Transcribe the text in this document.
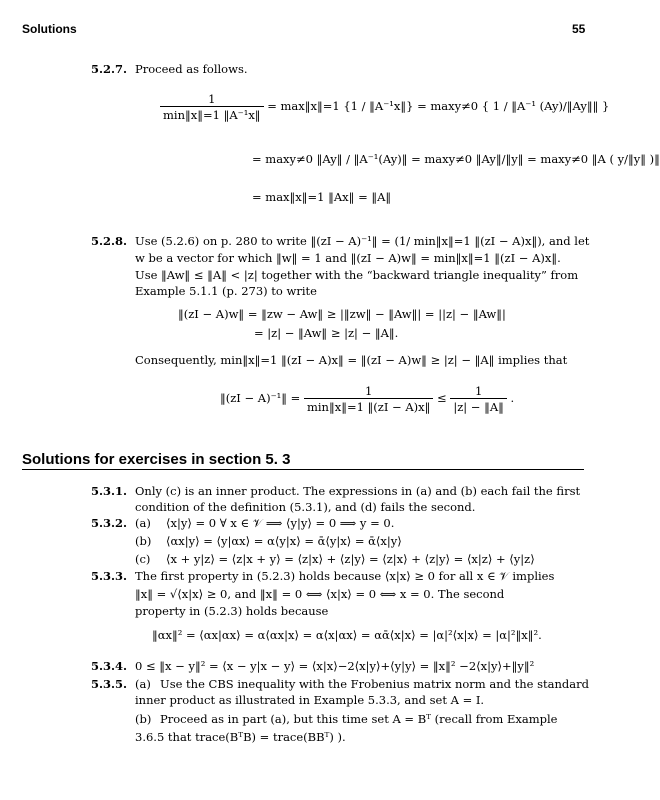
Solutions	55
5.2.7. Proceed as follows.
$\frac{1}{\text{min‖x‖=1 ‖A⁻¹x‖}}$ = max‖x‖=1 {1 / ‖A⁻¹x‖} = maxy≠0 { 1 / ‖A⁻¹ (Ay)/‖Ay‖‖ }
= maxy≠0 ‖Ay‖ / ‖A⁻¹(Ay)‖ = maxy≠0 ‖Ay‖/‖y‖ = maxy≠0 ‖A ( y/‖y‖ )‖
= max‖x‖=1 ‖Ax‖ = ‖A‖
5.2.8. Use (5.2.6) on p. 280 to write ‖(zI − A)⁻¹‖ = (1/ min‖x‖=1 ‖(zI − A)x‖), and let
w be a vector for which ‖w‖ = 1 and ‖(zI − A)w‖ = min‖x‖=1 ‖(zI − A)x‖.
Use ‖Aw‖ ≤ ‖A‖ < |z| together with the “backward triangle inequality” from
Example 5.1.1 (p. 273) to write
‖(zI − A)w‖ = ‖zw − Aw‖ ≥ |‖zw‖ − ‖Aw‖| = ||z| − ‖Aw‖|
= |z| − ‖Aw‖ ≥ |z| − ‖A‖.
Consequently, min‖x‖=1 ‖(zI − A)x‖ = ‖(zI − A)w‖ ≥ |z| − ‖A‖ implies that
‖(zI − A)⁻¹‖ = $\frac{1}{\min‖x‖=1 ‖(zI - A)x‖} \le \frac{1}{|z| - ‖A‖}$ .
Solutions for exercises in section 5. 3
5.3.1. Only (c) is an inner product. The expressions in (a) and (b) each fail the first
condition of the definition (5.3.1), and (d) fails the second.
5.3.2. (a) ⟨x|y⟩ = 0 ∀ x ∈ 𝒱 ⟹ ⟨y|y⟩ = 0 ⟹ y = 0.
(b) ⟨αx|y⟩ = ⟨y|αx⟩ = α⟨y|x⟩ = ᾱ⟨y|x⟩ = ᾱ⟨x|y⟩
(c) ⟨x + y|z⟩ = ⟨z|x + y⟩ = ⟨z|x⟩ + ⟨z|y⟩ = ⟨z|x⟩ + ⟨z|y⟩ = ⟨x|z⟩ + ⟨y|z⟩
5.3.3. The first property in (5.2.3) holds because ⟨x|x⟩ ≥ 0 for all x ∈ 𝒱 implies
‖x‖ = √⟨x|x⟩ ≥ 0, and ‖x‖ = 0 ⟺ ⟨x|x⟩ = 0 ⟺ x = 0. The second
property in (5.2.3) holds because
‖αx‖² = ⟨αx|αx⟩ = α⟨αx|x⟩ = α⟨x|αx⟩ = αᾱ⟨x|x⟩ = |α|²⟨x|x⟩ = |α|²‖x‖².
5.3.4. 0 ≤ ‖x − y‖² = ⟨x − y|x − y⟩ = ⟨x|x⟩−2⟨x|y⟩+⟨y|y⟩ = ‖x‖² −2⟨x|y⟩+‖y‖²
5.3.5. (a) Use the CBS inequality with the Frobenius matrix norm and the standard
inner product as illustrated in Example 5.3.3, and set A = I.
(b) Proceed as in part (a), but this time set A = Bᵀ (recall from Example
3.6.5 that trace(BᵀB) = trace(BBᵀ) ).
